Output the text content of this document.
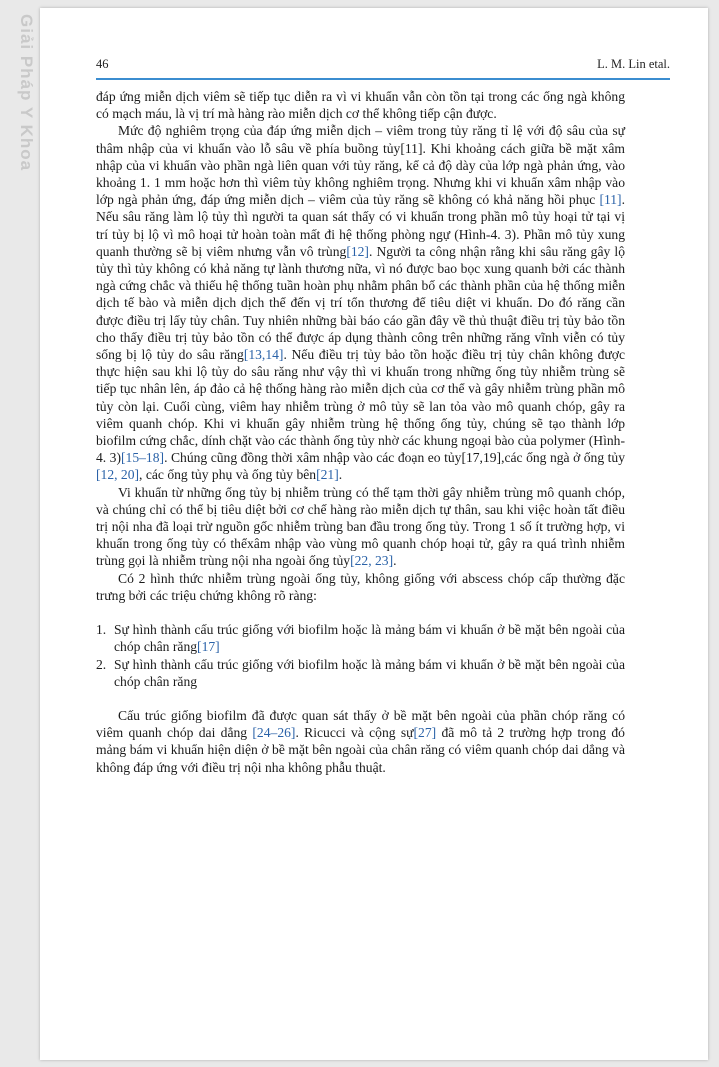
Giải Pháp Y Khoa	46	L. M. Lin etal.

đáp ứng miễn dịch viêm sẽ tiếp tục diễn ra vì vi khuẩn vẫn còn tồn tại trong các ống ngà không có mạch máu, là vị trí mà hàng rào miễn dịch cơ thể không tiếp cận được.

Mức độ nghiêm trọng của đáp ứng miễn dịch – viêm trong tủy răng tỉ lệ với độ sâu của sự thâm nhập của vi khuẩn vào lỗ sâu về phía buồng tủy[11]. Khi khoảng cách giữa bề mặt xâm nhập của vi khuẩn vào phần ngà liên quan với tủy răng, kể cả độ dày của lớp ngà phản ứng, vào khoảng 1. 1 mm hoặc hơn thì viêm tủy không nghiêm trọng. Nhưng khi vi khuẩn xâm nhập vào lớp ngà phản ứng, đáp ứng miễn dịch – viêm của tủy răng sẽ không có khả năng hồi phục [11]. Nếu sâu răng làm lộ tủy thì người ta quan sát thấy có vi khuẩn trong phần mô tủy hoại tử tại vị trí tủy bị lộ vì mô hoại tử hoàn toàn mất đi hệ thống phòng ngự (Hình-4. 3). Phần mô tủy xung quanh thường sẽ bị viêm nhưng vẫn vô trùng[12]. Người ta công nhận rằng khi sâu răng gây lộ tủy thì tủy không có khả năng tự lành thương nữa, vì nó được bao bọc xung quanh bởi các thành ngà cứng chắc và thiếu hệ thống tuần hoàn phụ nhằm phân bố các thành phần của hệ thống miễn dịch tế bào và miễn dịch dịch thể đến vị trí tổn thương để tiêu diệt vi khuẩn. Do đó răng cần được điều trị lấy tủy chân. Tuy nhiên những bài báo cáo gần đây về thủ thuật điều trị tủy bảo tồn cho thấy điều trị tủy bảo tồn có thể được áp dụng thành công trên những răng vĩnh viễn có tủy sống bị lộ tủy do sâu răng[13,14]. Nếu điều trị tủy bảo tồn hoặc điều trị tủy chân không được thực hiện sau khi lộ tủy do sâu răng như vậy thì vi khuẩn trong những ống tủy nhiễm trùng sẽ tiếp tục nhân lên, áp đảo cả hệ thống hàng rào miễn dịch của cơ thể và gây nhiễm trùng phần mô tủy còn lại. Cuối cùng, viêm hay nhiễm trùng ở mô tủy sẽ lan tỏa vào mô quanh chóp, gây ra viêm quanh chóp. Khi vi khuẩn gây nhiễm trùng hệ thống ống tủy, chúng sẽ tạo thành lớp biofilm cứng chắc, dính chặt vào các thành ống tủy nhờ các khung ngoại bào của polymer (Hình-4. 3)[15–18]. Chúng cũng đồng thời xâm nhập vào các đoạn eo tủy[17,19],các ống ngà ở ống tủy [12, 20], các ống tủy phụ và ống tủy bên[21].

Vi khuẩn từ những ống tủy bị nhiễm trùng có thể tạm thời gây nhiễm trùng mô quanh chóp, và chúng chỉ có thể bị tiêu diệt bởi cơ chế hàng rào miễn dịch tự thân, sau khi việc hoàn tất điều trị nội nha đã loại trừ nguồn gốc nhiễm trùng ban đầu trong ống tủy. Trong 1 số ít trường hợp, vi khuẩn trong ống tủy có thểxâm nhập vào vùng mô quanh chóp hoại tử, gây ra quá trình nhiễm trùng gọi là nhiễm trùng nội nha ngoài ống tủy[22, 23].

Có 2 hình thức nhiễm trùng ngoài ống tủy, không giống với abscess chóp cấp thường đặc trưng bởi các triệu chứng không rõ ràng:

1. Sự hình thành cấu trúc giống với biofilm hoặc là mảng bám vi khuẩn ở bề mặt bên ngoài của chóp chân răng[17]
2. Sự hình thành cấu trúc giống với biofilm hoặc là mảng bám vi khuẩn ở bề mặt bên ngoài của chóp chân răng

Cấu trúc giống biofilm đã được quan sát thấy ở bề mặt bên ngoài của phần chóp răng có viêm quanh chóp dai dẳng [24–26]. Ricucci và cộng sự[27] đã mô tả 2 trường hợp trong đó mảng bám vi khuẩn hiện diện ở bề mặt bên ngoài của chân răng có viêm quanh chóp dai dẳng và không đáp ứng với điều trị nội nha không phẫu thuật.
